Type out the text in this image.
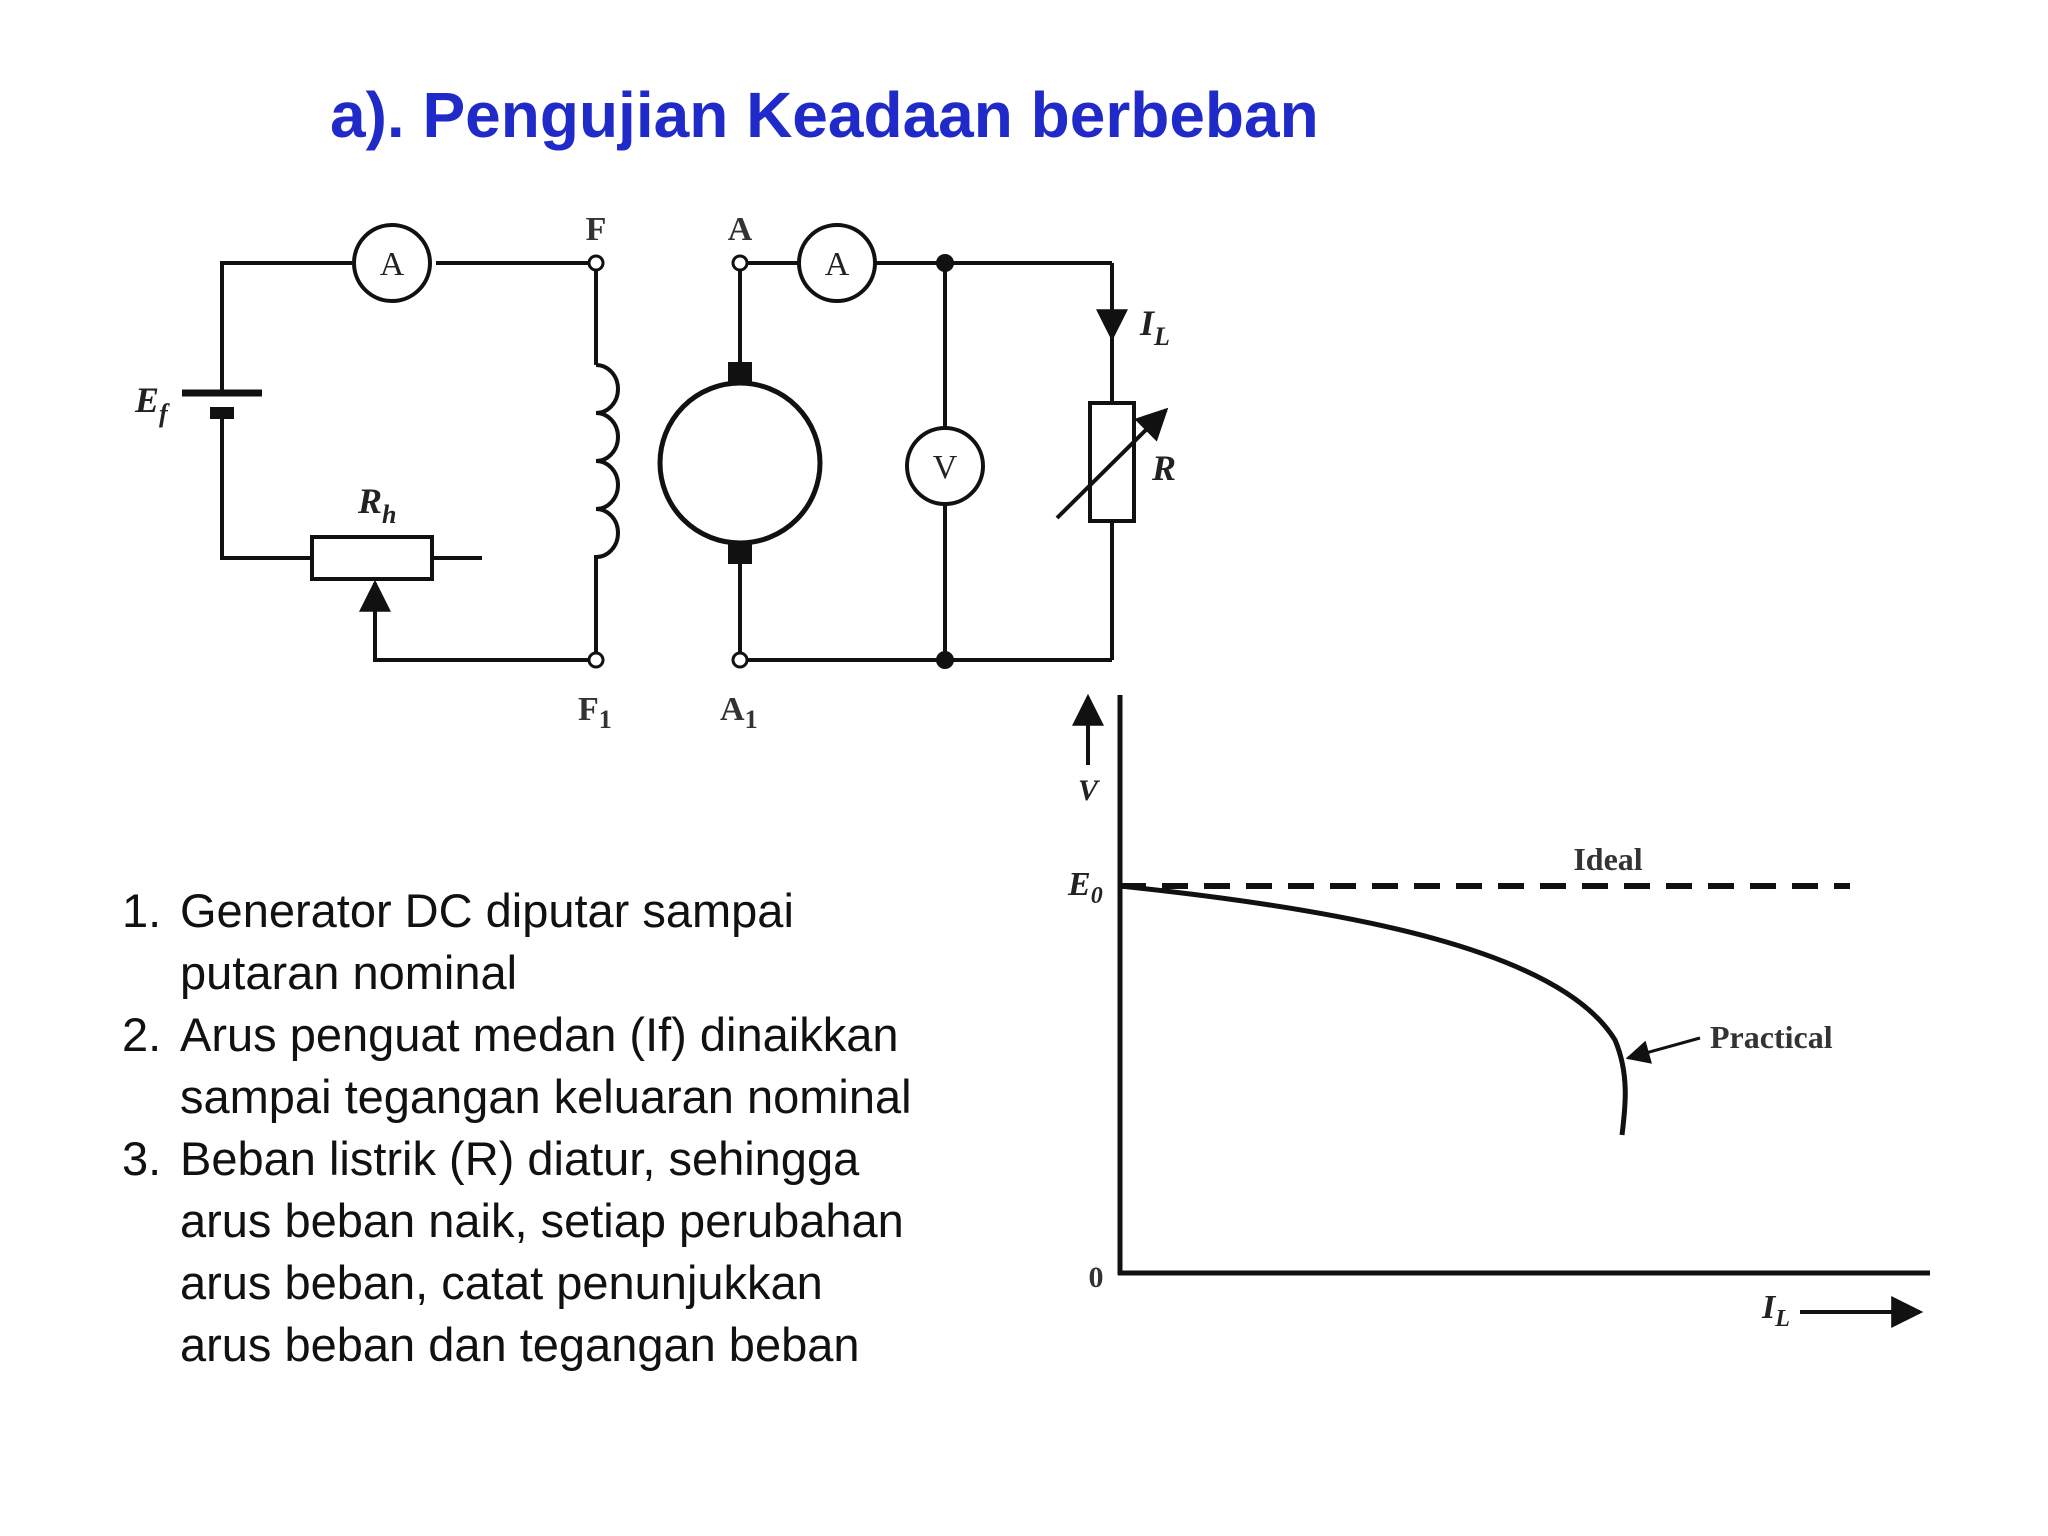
a). Pengujian Keadaan berbeban
$E_f$
$R_h$
A
F
$F_1$
A
V	R
$I_L$
A
$A_1$
V
$E_0$
0
Ideal
Practical
$I_L$
1. Generator DC diputar sampai
putaran nominal
2. Arus penguat medan (If) dinaikkan
sampai tegangan keluaran nominal
3. Beban listrik (R) diatur, sehingga
arus beban naik, setiap perubahan
arus beban, catat penunjukkan
arus beban dan tegangan beban
